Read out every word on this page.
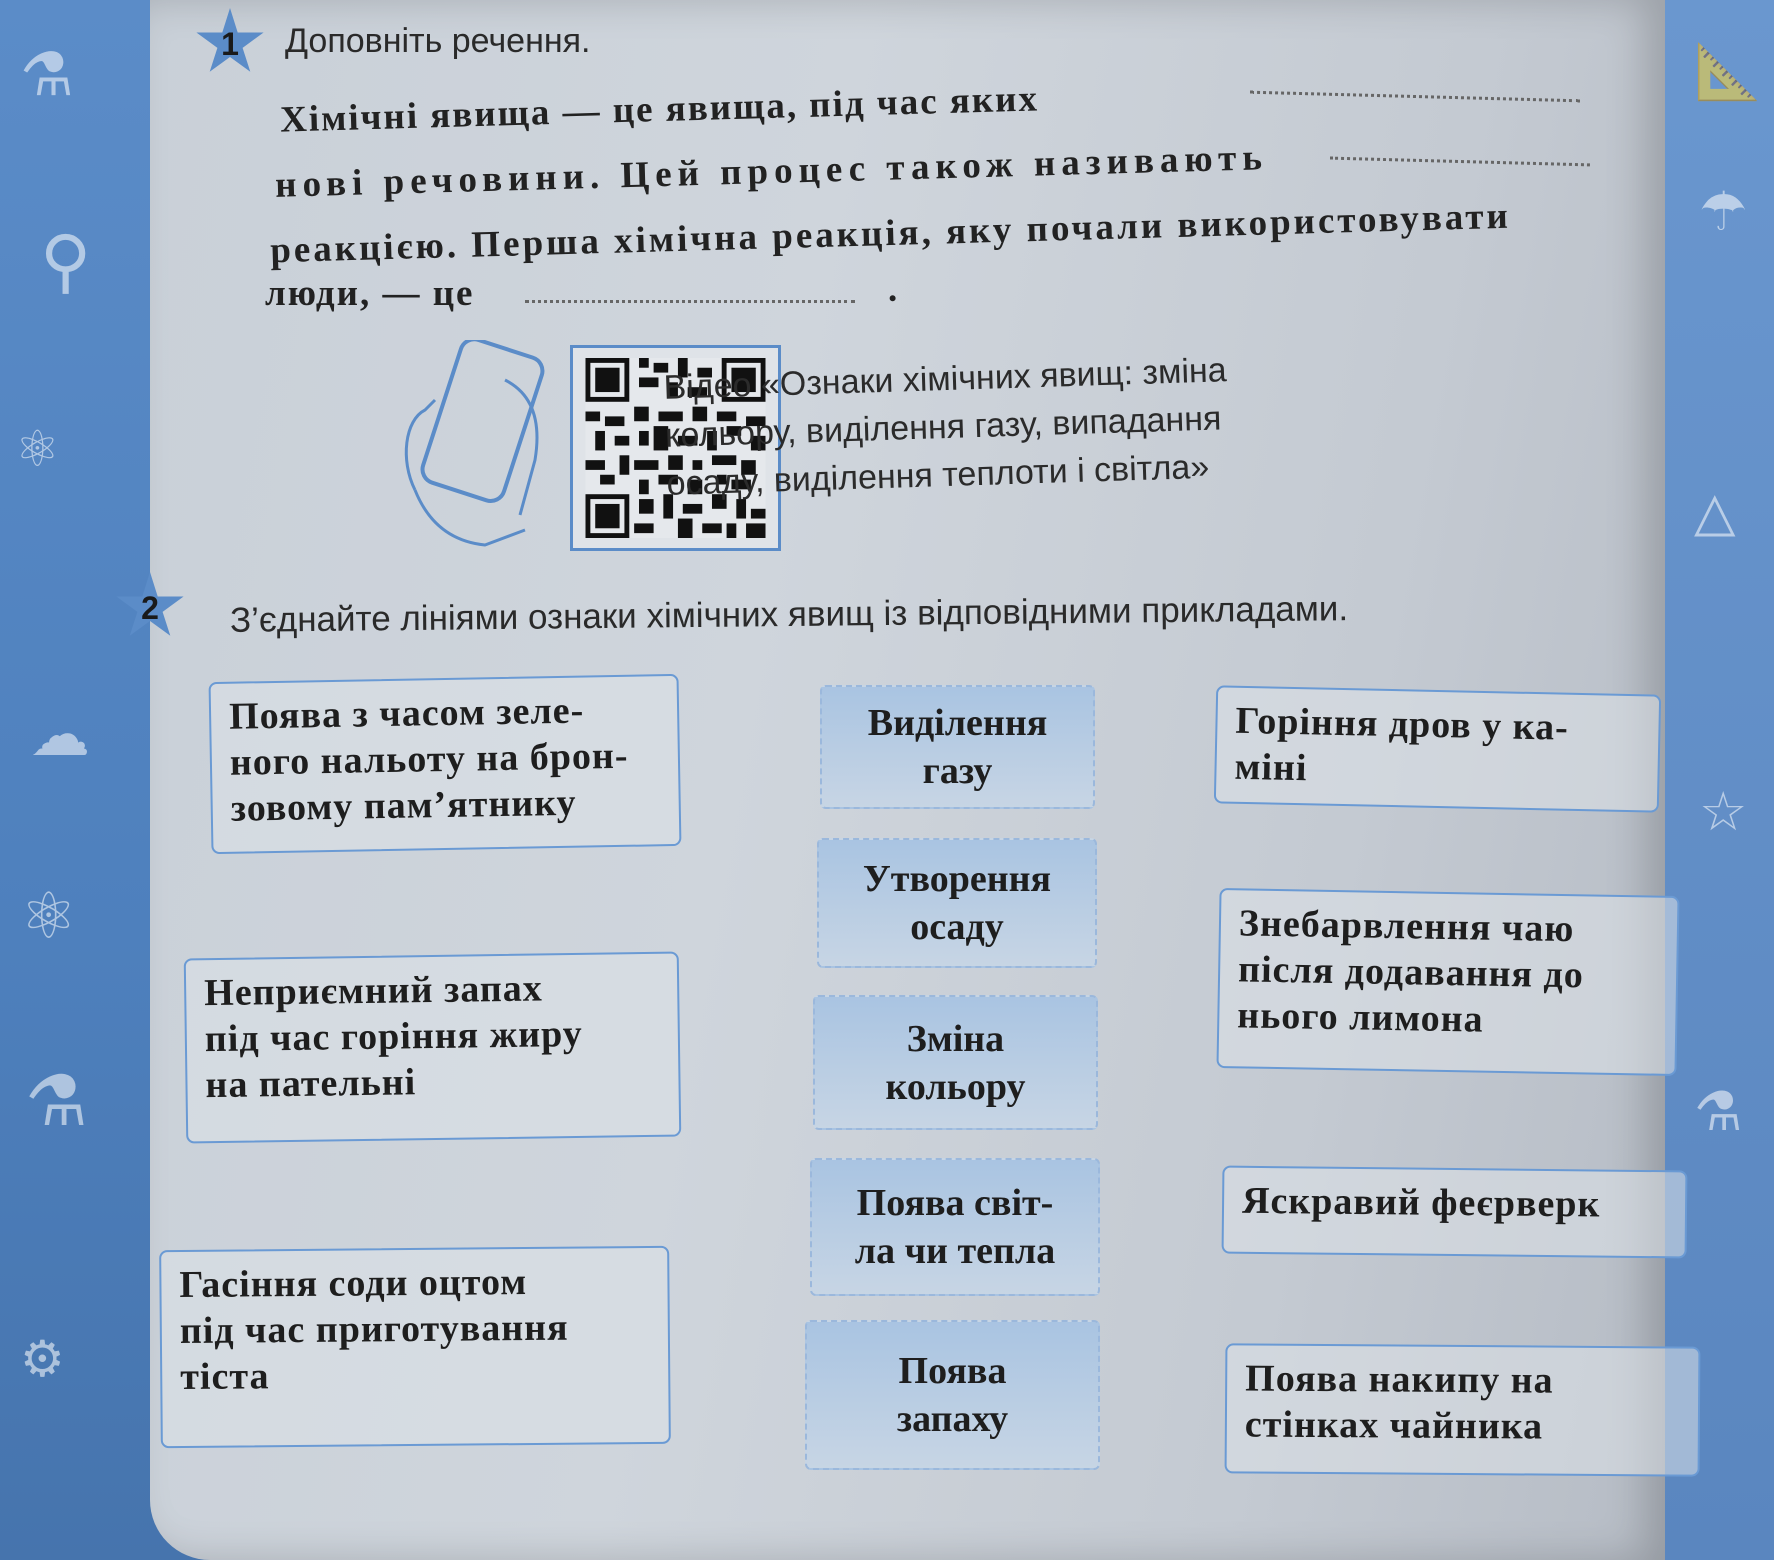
⚗
⚲
⚛
☁
⚛
⚗
⚙
📐
☂
△
☆
⚗
1	Доповніть речення.
Хімічні явища — це явища, під час яких
нові речовини. Цей процес також називають
реакцією. Перша хімічна реакція, яку почали використовувати
люди, — це	.
Відео «Ознаки хімічних явищ: зміна
кольору, виділення газу, випадання
осаду, виділення теплоти і світла»
2	З’єднайте лініями ознаки хімічних явищ із відповідними прикладами.
Поява з часом зеле-
ного нальоту на брон-
зовому пам’ятнику
Неприємний запах
під час горіння жиру
на пательні
Гасіння соди оцтом
під час приготування
тіста
Виділення
газу
Утворення
осаду
Зміна
кольору
Поява світ-
ла чи тепла
Поява
запаху
Горіння дров у ка-
міні
Знебарвлення чаю
після додавання до
нього лимона
Яскравий феєрверк
Поява накипу на
стінках чайника
